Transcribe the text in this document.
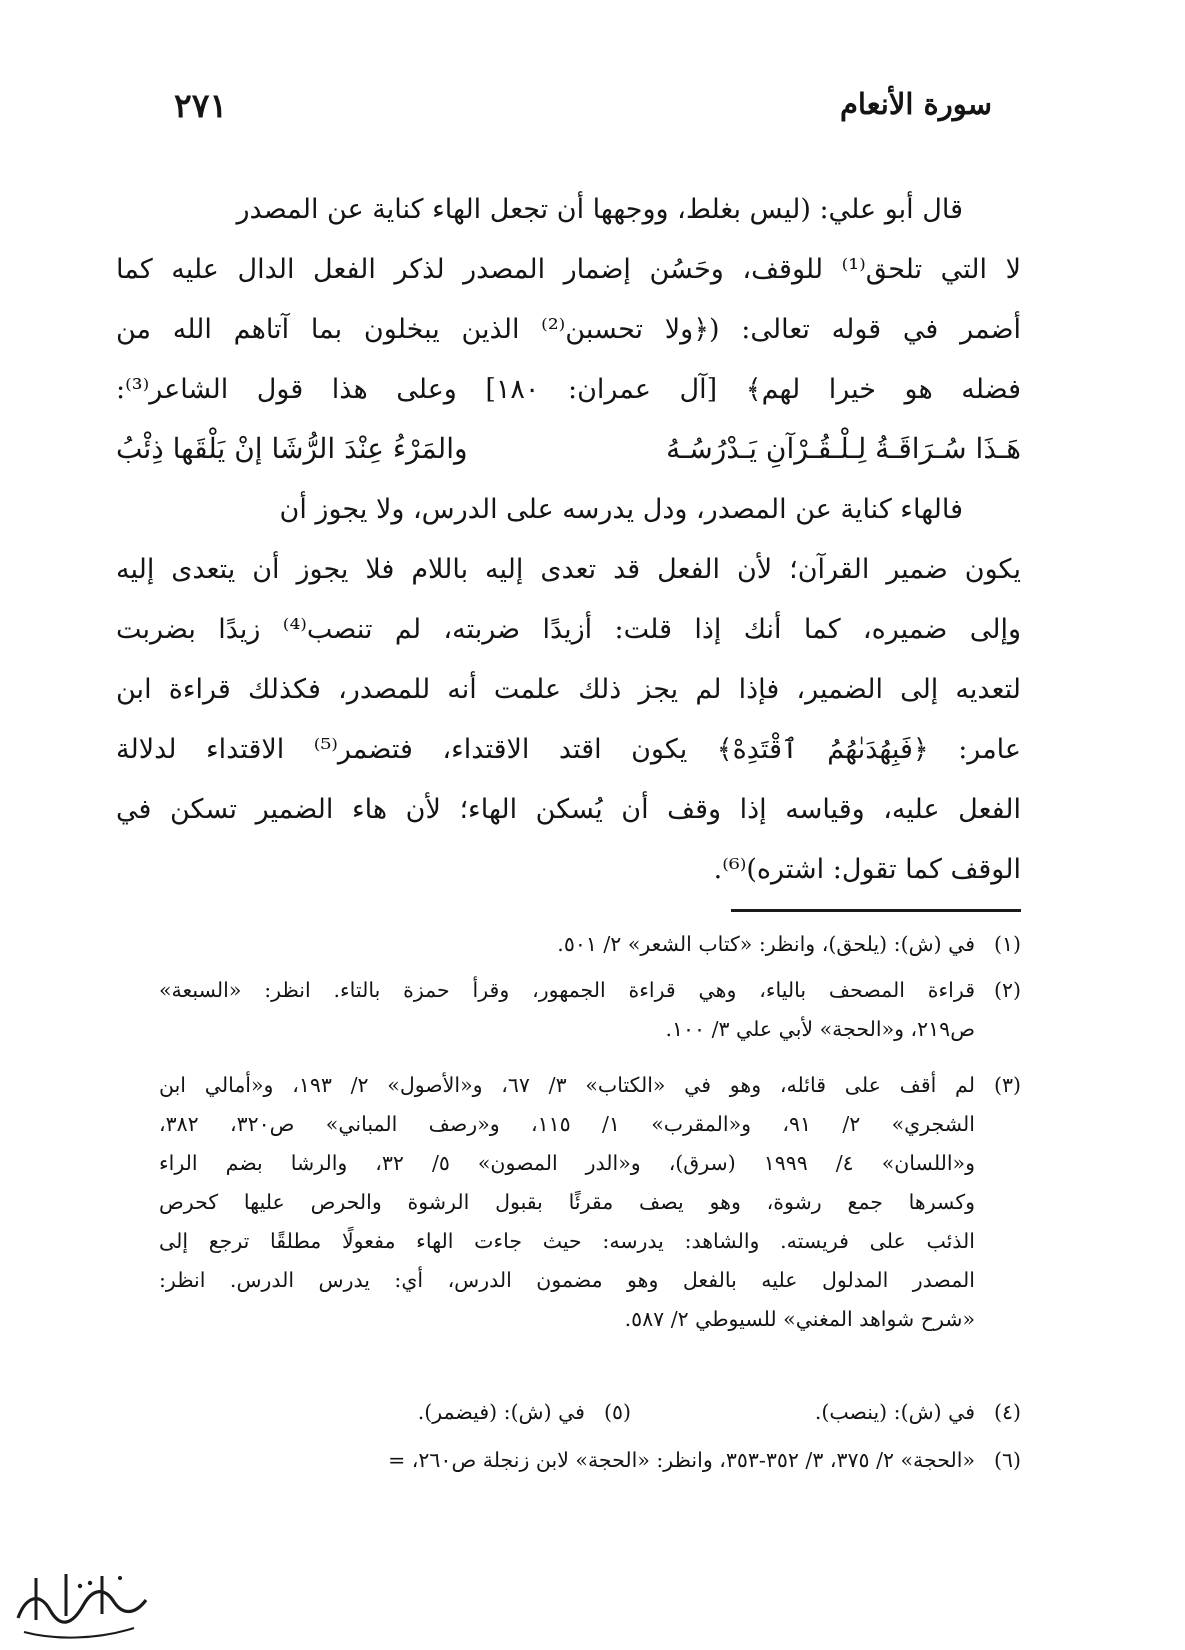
سورة الأنعام
٢٧١
قال أبو علي: (ليس بغلط، ووجهها أن تجعل الهاء كناية عن المصدر
لا التي تلحق⁽¹⁾ للوقف، وحَسُن إضمار المصدر لذكر الفعل الدال عليه كما
أضمر في قوله تعالى: (﴿ولا تحسبن⁽²⁾ الذين يبخلون بما آتاهم الله من
فضله هو خيرا لهم﴾ [آل عمران: ١٨٠] وعلى هذا قول الشاعر⁽³⁾:
هَـذَا سُـرَاقَـةُ لِـلْـقُـرْآنِ يَـدْرُسُـهُ
والمَرْءُ عِنْدَ الرُّشَا إنْ يَلْقَها ذِئْبُ
فالهاء كناية عن المصدر، ودل يدرسه على الدرس، ولا يجوز أن
يكون ضمير القرآن؛ لأن الفعل قد تعدى إليه باللام فلا يجوز أن يتعدى إليه
وإلى ضميره، كما أنك إذا قلت: أزيدًا ضربته، لم تنصب⁽⁴⁾ زيدًا بضربت
لتعديه إلى الضمير، فإذا لم يجز ذلك علمت أنه للمصدر، فكذلك قراءة ابن
عامر: ﴿فَبِهُدَىٰهُمُ ٱقْتَدِهْ﴾ يكون اقتد الاقتداء، فتضمر⁽⁵⁾ الاقتداء لدلالة
الفعل عليه، وقياسه إذا وقف أن يُسكن الهاء؛ لأن هاء الضمير تسكن في
الوقف كما تقول: اشتره)⁽⁶⁾.
(١)
في (ش): (يلحق)، وانظر: «كتاب الشعر» ٢/ ٥٠١.
(٢)
قراءة المصحف بالياء، وهي قراءة الجمهور، وقرأ حمزة بالتاء. انظر: «السبعة»
ص٢١٩، و«الحجة» لأبي علي ٣/ ١٠٠.
(٣)
لم أقف على قائله، وهو في «الكتاب» ٣/ ٦٧، و«الأصول» ٢/ ١٩٣، و«أمالي ابن
الشجري» ٢/ ٩١، و«المقرب» ١/ ١١٥، و«رصف المباني» ص٣٢٠، ٣٨٢،
و«اللسان» ٤/ ١٩٩٩ (سرق)، و«الدر المصون» ٥/ ٣٢، والرشا بضم الراء
وكسرها جمع رشوة، وهو يصف مقرئًا بقبول الرشوة والحرص عليها كحرص
الذئب على فريسته. والشاهد: يدرسه: حيث جاءت الهاء مفعولًا مطلقًا ترجع إلى
المصدر المدلول عليه بالفعل وهو مضمون الدرس، أي: يدرس الدرس. انظر:
«شرح شواهد المغني» للسيوطي ٢/ ٥٨٧.
(٤)
في (ش): (ينصب).
(٥)
في (ش): (فيضمر).
(٦)
«الحجة» ٢/ ٣٧٥، ٣/ ٣٥٢-٣٥٣، وانظر: «الحجة» لابن زنجلة ص٢٦٠، =
